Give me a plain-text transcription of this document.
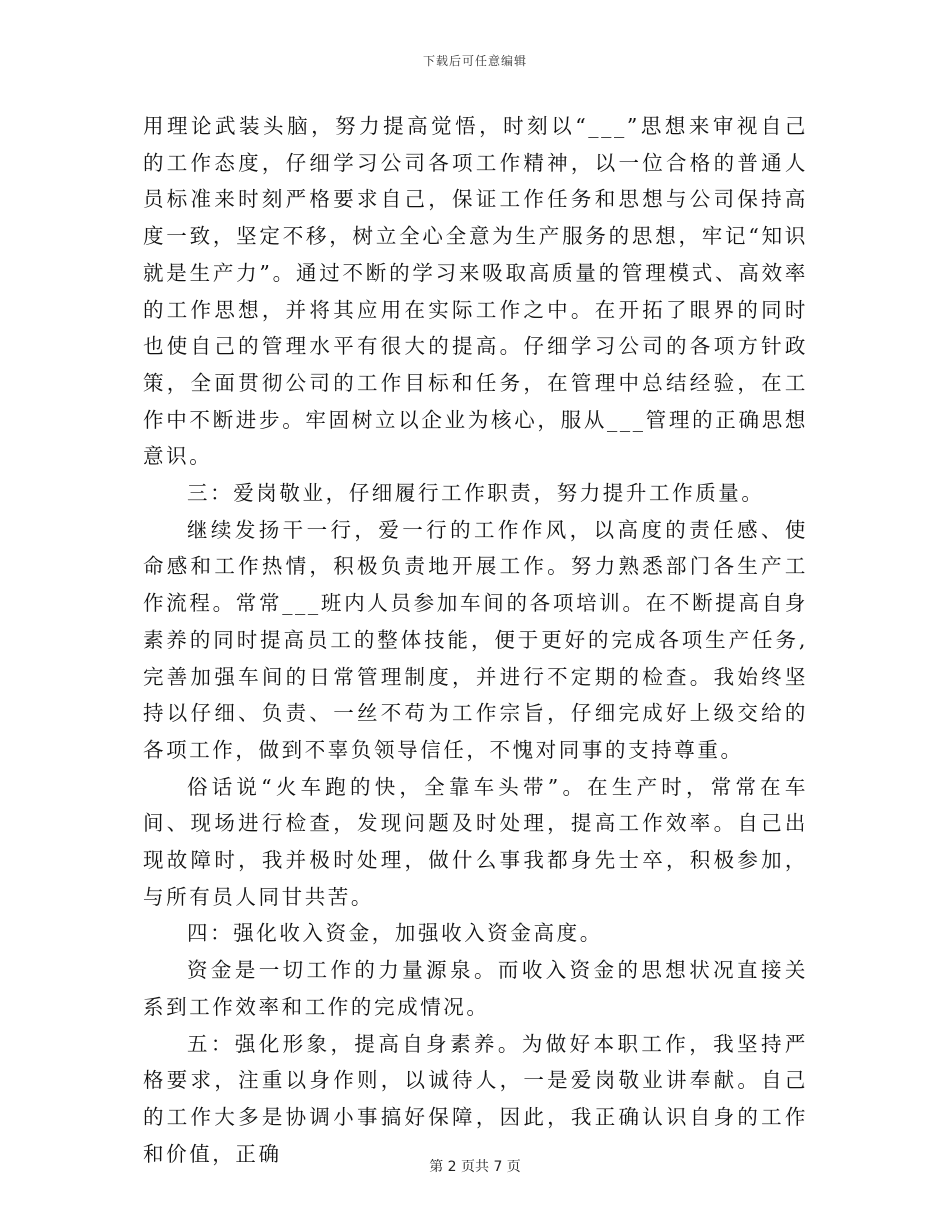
下载后可任意编辑

用理论武装头脑，努力提高觉悟，时刻以“___”思想来审视自己的工作态度，仔细学习公司各项工作精神，以一位合格的普通人员标准来时刻严格要求自己，保证工作任务和思想与公司保持高度一致，坚定不移，树立全心全意为生产服务的思想，牢记“知识就是生产力”。通过不断的学习来吸取高质量的管理模式、高效率的工作思想，并将其应用在实际工作之中。在开拓了眼界的同时也使自己的管理水平有很大的提高。仔细学习公司的各项方针政策，全面贯彻公司的工作目标和任务，在管理中总结经验，在工作中不断进步。牢固树立以企业为核心，服从___管理的正确思想意识。

三：爱岗敬业，仔细履行工作职责，努力提升工作质量。

继续发扬干一行，爱一行的工作作风，以高度的责任感、使命感和工作热情，积极负责地开展工作。努力熟悉部门各生产工作流程。常常___班内人员参加车间的各项培训。在不断提高自身素养的同时提高员工的整体技能，便于更好的完成各项生产任务,完善加强车间的日常管理制度，并进行不定期的检查。我始终坚持以仔细、负责、一丝不苟为工作宗旨，仔细完成好上级交给的各项工作，做到不辜负领导信任，不愧对同事的支持尊重。

俗话说“火车跑的快，全靠车头带”。在生产时，常常在车间、现场进行检查，发现问题及时处理，提高工作效率。自己出现故障时，我并极时处理，做什么事我都身先士卒，积极参加，与所有员人同甘共苦。

四：强化收入资金，加强收入资金高度。

资金是一切工作的力量源泉。而收入资金的思想状况直接关系到工作效率和工作的完成情况。

五：强化形象，提高自身素养。为做好本职工作，我坚持严格要求，注重以身作则，以诚待人，一是爱岗敬业讲奉献。自己的工作大多是协调小事搞好保障，因此，我正确认识自身的工作和价值，正确

第 2 页共 7 页
